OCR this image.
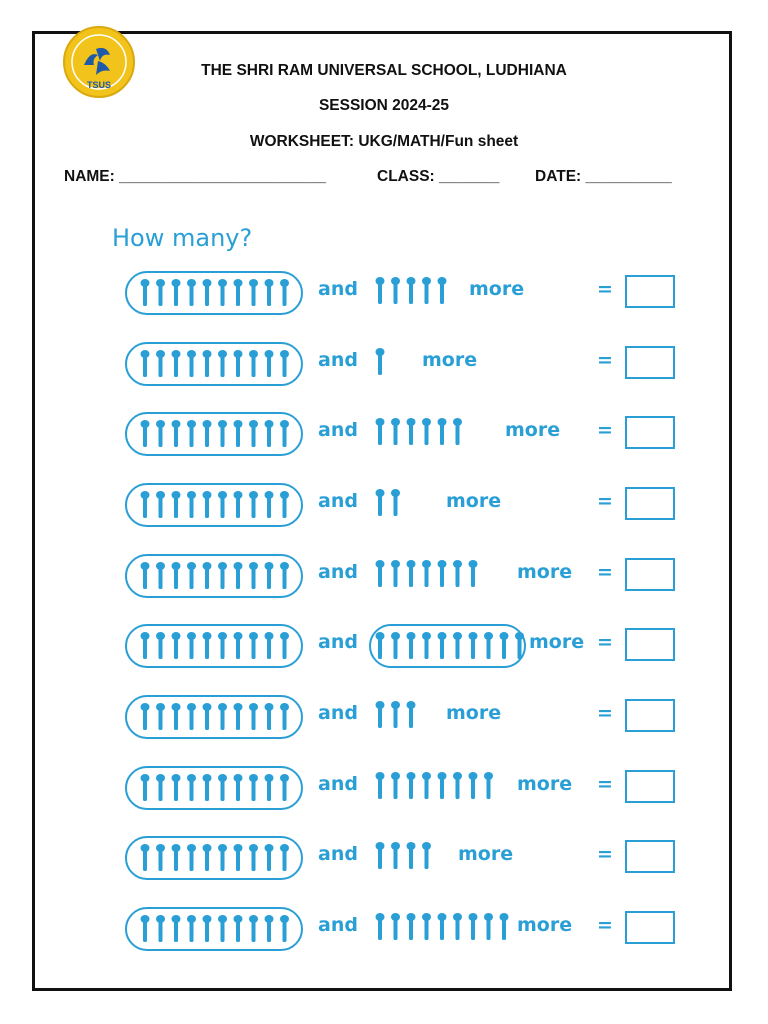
TSUS
THE SHRI RAM UNIVERSAL SCHOOL, LUDHIANA
SESSION 2024-25
WORKSHEET: UKG/MATH/Fun sheet
NAME: ________________________	CLASS: _______ DATE: __________
How many?
and	more	=
and	more	=
and	more =
and	more	=
and	more =
and	more =
and	more	=
and	more =
and	more	=
and	more =
